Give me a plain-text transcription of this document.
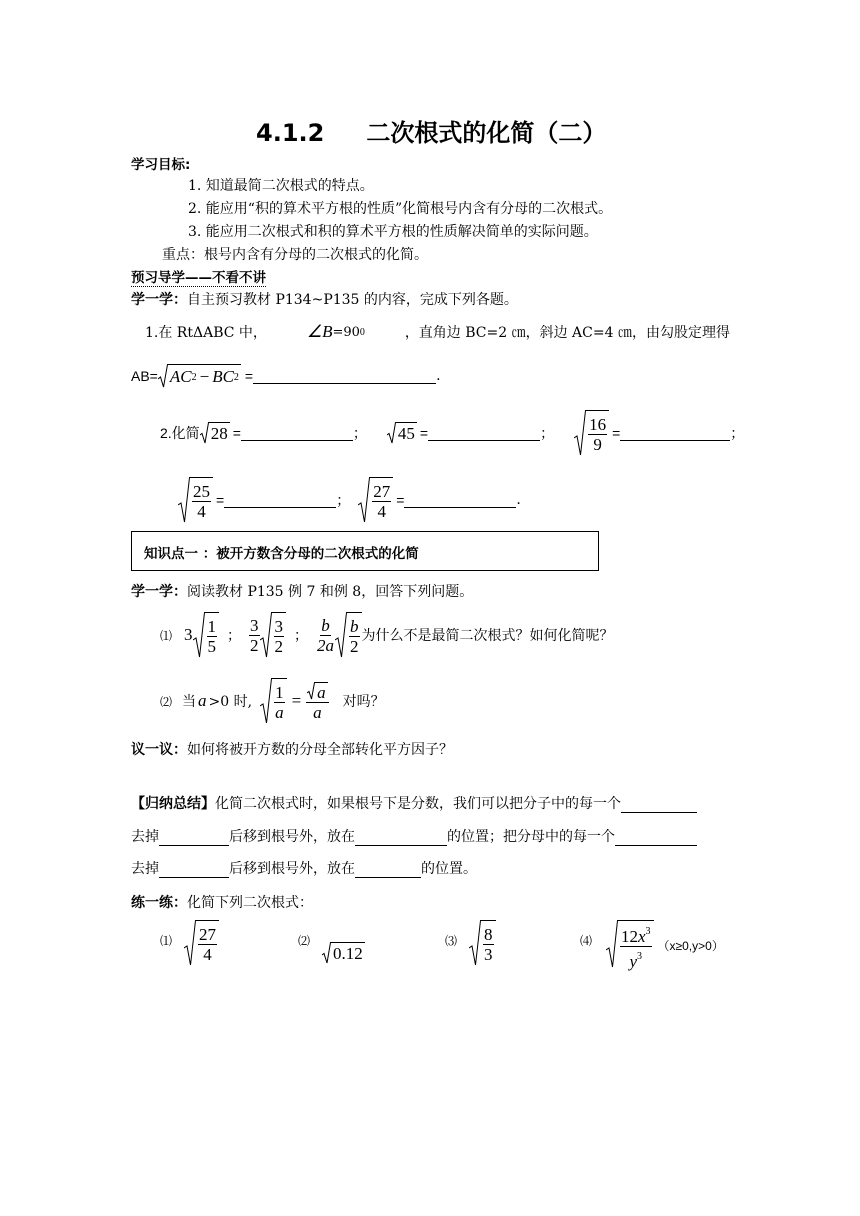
4.1.2 二次根式的化简（二）
学习目标:
1. 知道最简二次根式的特点。
2. 能应用“积的算术平方根的性质”化简根号内含有分母的二次根式。
3. 能应用二次根式和积的算术平方根的性质解决简单的实际问题。
重点：根号内含有分母的二次根式的化简。
预习导学——不看不讲
学一学：自主预习教材 P134~P135 的内容，完成下列各题。
1.在 RtΔABC 中， ∠B =90 0	，直角边 BC=2 ㎝，斜边 AC=4 ㎝，由勾股定理得
AB= AC 2 − BC 2 =	.
2.化简 28 =	； 45 =	； $\frac{16}{9}$ =	；
$\frac{25}{4}$ =	； $\frac{27}{4}$ =	.
知识点一 ：被开方数含分母的二次根式的化简
学一学：阅读教材 P135 例 7 和例 8，回答下列问题。
⑴ $3 \frac{1}{5}$ ； $\frac{3}{2} \frac{3}{2}$ ； $\frac{b}{2a} \frac{b}{2}$ 为什么不是最简二次根式？如何化简呢？
⑵ 当 a >0 时, $\frac{1}{a} = \frac{a}{a}$ 对吗？
议一议：如何将被开方数的分母全部转化平方因子？
【归纳总结】 化简二次根式时，如果根号下是分数，我们可以把分子中的每一个
去掉	后移到根号外，放在	的位置；把分母中的每一个
去掉	后移到根号外，放在	的位置。
练一练：化简下列二次根式：
⑴ $\frac{27}{4}$	⑵
0.12
⑶ $\frac{8}{3}$	⑷ $\frac{12x^3}{y^3} (x\ge 0,y>0)$
